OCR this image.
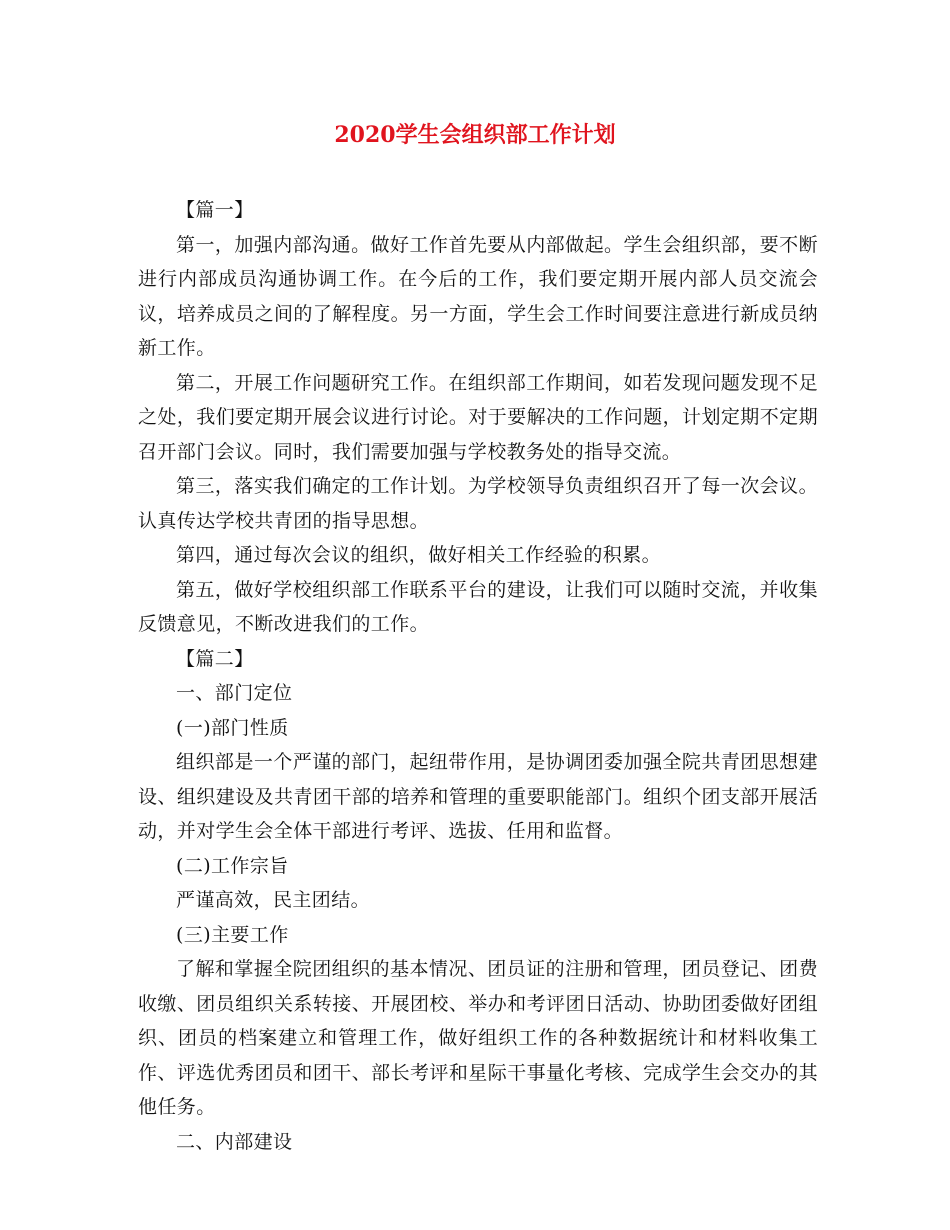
2020学生会组织部工作计划

【篇一】

第一，加强内部沟通。做好工作首先要从内部做起。学生会组织部，要不断进行内部成员沟通协调工作。在今后的工作，我们要定期开展内部人员交流会议，培养成员之间的了解程度。另一方面，学生会工作时间要注意进行新成员纳新工作。

第二，开展工作问题研究工作。在组织部工作期间，如若发现问题发现不足之处，我们要定期开展会议进行讨论。对于要解决的工作问题，计划定期不定期召开部门会议。同时，我们需要加强与学校教务处的指导交流。

第三，落实我们确定的工作计划。为学校领导负责组织召开了每一次会议。认真传达学校共青团的指导思想。

第四，通过每次会议的组织，做好相关工作经验的积累。

第五，做好学校组织部工作联系平台的建设，让我们可以随时交流，并收集反馈意见，不断改进我们的工作。

【篇二】

一、部门定位

(一)部门性质

组织部是一个严谨的部门，起纽带作用，是协调团委加强全院共青团思想建设、组织建设及共青团干部的培养和管理的重要职能部门。组织个团支部开展活动，并对学生会全体干部进行考评、选拔、任用和监督。

(二)工作宗旨

严谨高效，民主团结。

(三)主要工作

了解和掌握全院团组织的基本情况、团员证的注册和管理，团员登记、团费收缴、团员组织关系转接、开展团校、举办和考评团日活动、协助团委做好团组织、团员的档案建立和管理工作，做好组织工作的各种数据统计和材料收集工作、评选优秀团员和团干、部长考评和星际干事量化考核、完成学生会交办的其他任务。

二、内部建设
